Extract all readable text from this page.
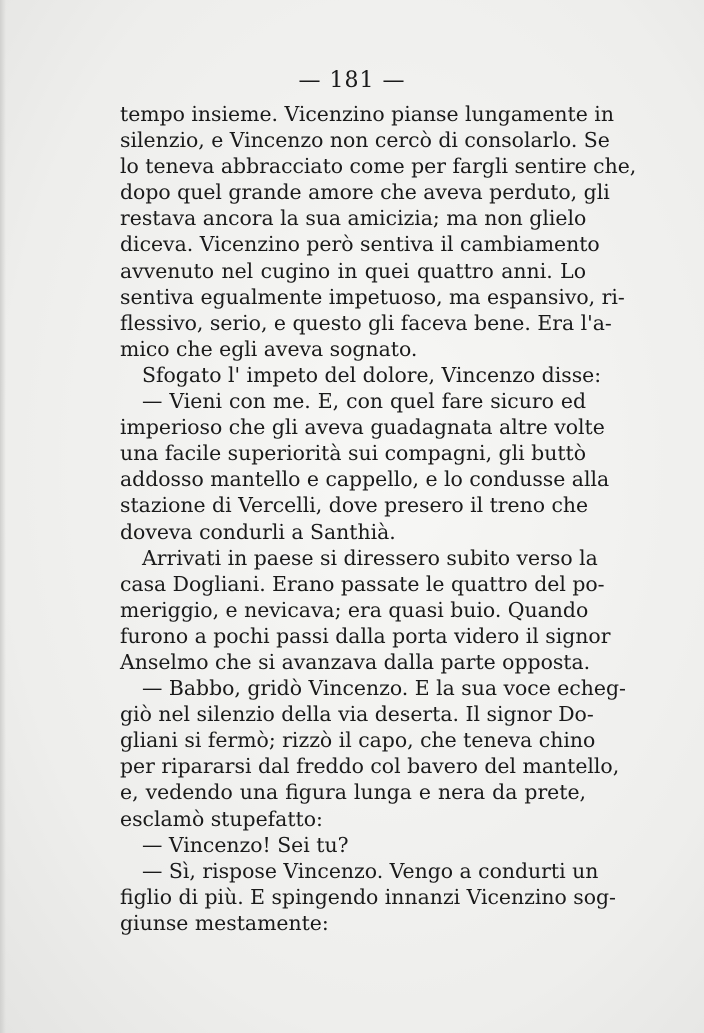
— 181 —
tempo insieme. Vicenzino pianse lungamente in
silenzio, e Vincenzo non cercò di consolarlo. Se
lo teneva abbracciato come per fargli sentire che,
dopo quel grande amore che aveva perduto, gli
restava ancora la sua amicizia; ma non glielo
diceva. Vicenzino però sentiva il cambiamento
avvenuto nel cugino in quei quattro anni. Lo
sentiva egualmente impetuoso, ma espansivo, ri-
flessivo, serio, e questo gli faceva bene. Era l'a-
mico che egli aveva sognato.
Sfogato l' impeto del dolore, Vincenzo disse:
— Vieni con me. E, con quel fare sicuro ed
imperioso che gli aveva guadagnata altre volte
una facile superiorità sui compagni, gli buttò
addosso mantello e cappello, e lo condusse alla
stazione di Vercelli, dove presero il treno che
doveva condurli a Santhià.
Arrivati in paese si diressero subito verso la
casa Dogliani. Erano passate le quattro del po-
meriggio, e nevicava; era quasi buio. Quando
furono a pochi passi dalla porta videro il signor
Anselmo che si avanzava dalla parte opposta.
— Babbo, gridò Vincenzo. E la sua voce echeg-
giò nel silenzio della via deserta. Il signor Do-
gliani si fermò; rizzò il capo, che teneva chino
per ripararsi dal freddo col bavero del mantello,
e, vedendo una figura lunga e nera da prete,
esclamò stupefatto:
— Vincenzo! Sei tu?
— Sì, rispose Vincenzo. Vengo a condurti un
figlio di più. E spingendo innanzi Vicenzino sog-
giunse mestamente:
